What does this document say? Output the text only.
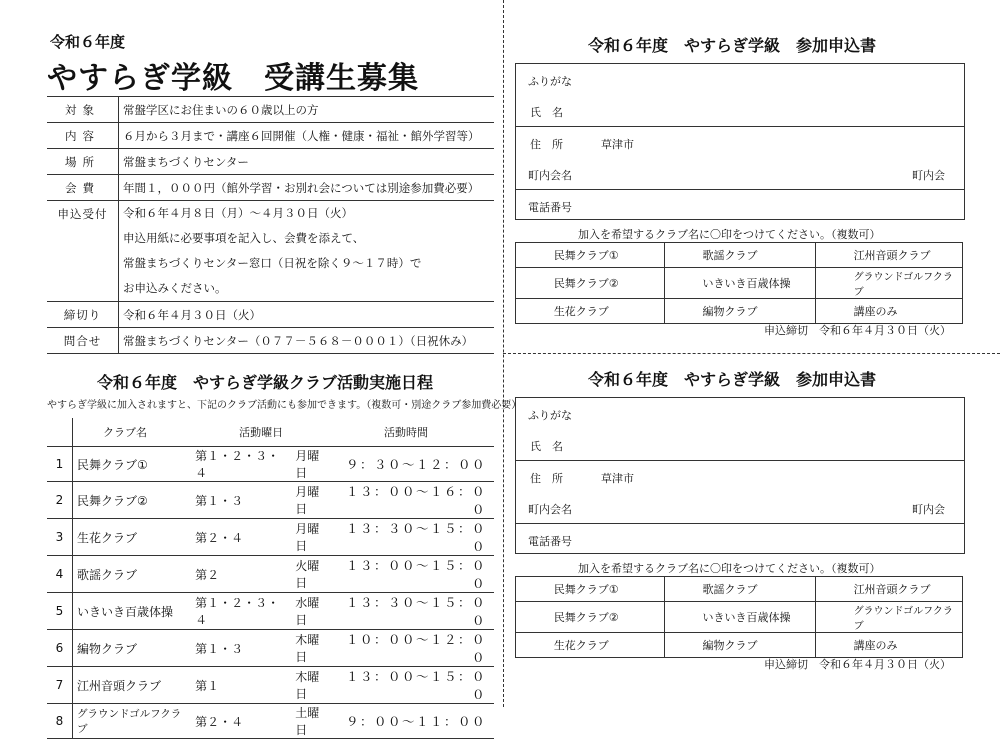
令和６年度
やすらぎ学級　受講生募集
対象	常盤学区にお住まいの６０歳以上の方
内容	６月から３月まで・講座６回開催（人権・健康・福祉・館外学習等）
場所	常盤まちづくりセンター
会費	年間１，０００円（館外学習・お別れ会については別途参加費必要）
申込受付	令和６年４月８日（月）～４月３０日（火）
申込用紙に必要事項を記入し、会費を添えて、
常盤まちづくりセンター窓口（日祝を除く９～１７時）で
お申込みください。

締切り	令和６年４月３０日（火）
問合せ	常盤まちづくりセンター（０７７－５６８－０００１）（日祝休み）
令和６年度　やすらぎ学級クラブ活動実施日程
やすらぎ学級に加入されますと、下記のクラブ活動にも参加できます。（複数可・別途クラブ参加費必要）
	クラブ名	活動曜日		活動時間
1	民舞クラブ①	第１・２・３・４	月曜日	９：３０～１２：００
2	民舞クラブ②	第１・３	月曜日	１３：００～１６：００
3	生花クラブ	第２・４	月曜日	１３：３０～１５：００
4	歌謡クラブ	第２	火曜日	１３：００～１５：００
5	いきいき百歳体操	第１・２・３・４	水曜日	１３：３０～１５：００
6	編物クラブ	第１・３	木曜日	１０：００～１２：００
7	江州音頭クラブ	第１	木曜日	１３：００～１５：００
8	グラウンドゴルフクラブ	第２・４	土曜日	９：００～１１：００
令和６年度　やすらぎ学級　参加申込書
ふりがな
氏　名
住　所	草津市
町内会名	町内会
電話番号
加入を希望するクラブ名に〇印をつけてください。（複数可）
	民舞クラブ①		歌謡クラブ		江州音頭クラブ
	民舞クラブ②		いきいき百歳体操		グラウンドゴルフクラブ
	生花クラブ		編物クラブ		講座のみ
申込締切　令和６年４月３０日（火）
令和６年度　やすらぎ学級　参加申込書
ふりがな
氏　名
住　所	草津市
町内会名	町内会
電話番号
加入を希望するクラブ名に〇印をつけてください。（複数可）
	民舞クラブ①		歌謡クラブ		江州音頭クラブ
	民舞クラブ②		いきいき百歳体操		グラウンドゴルフクラブ
	生花クラブ		編物クラブ		講座のみ
申込締切　令和６年４月３０日（火）
